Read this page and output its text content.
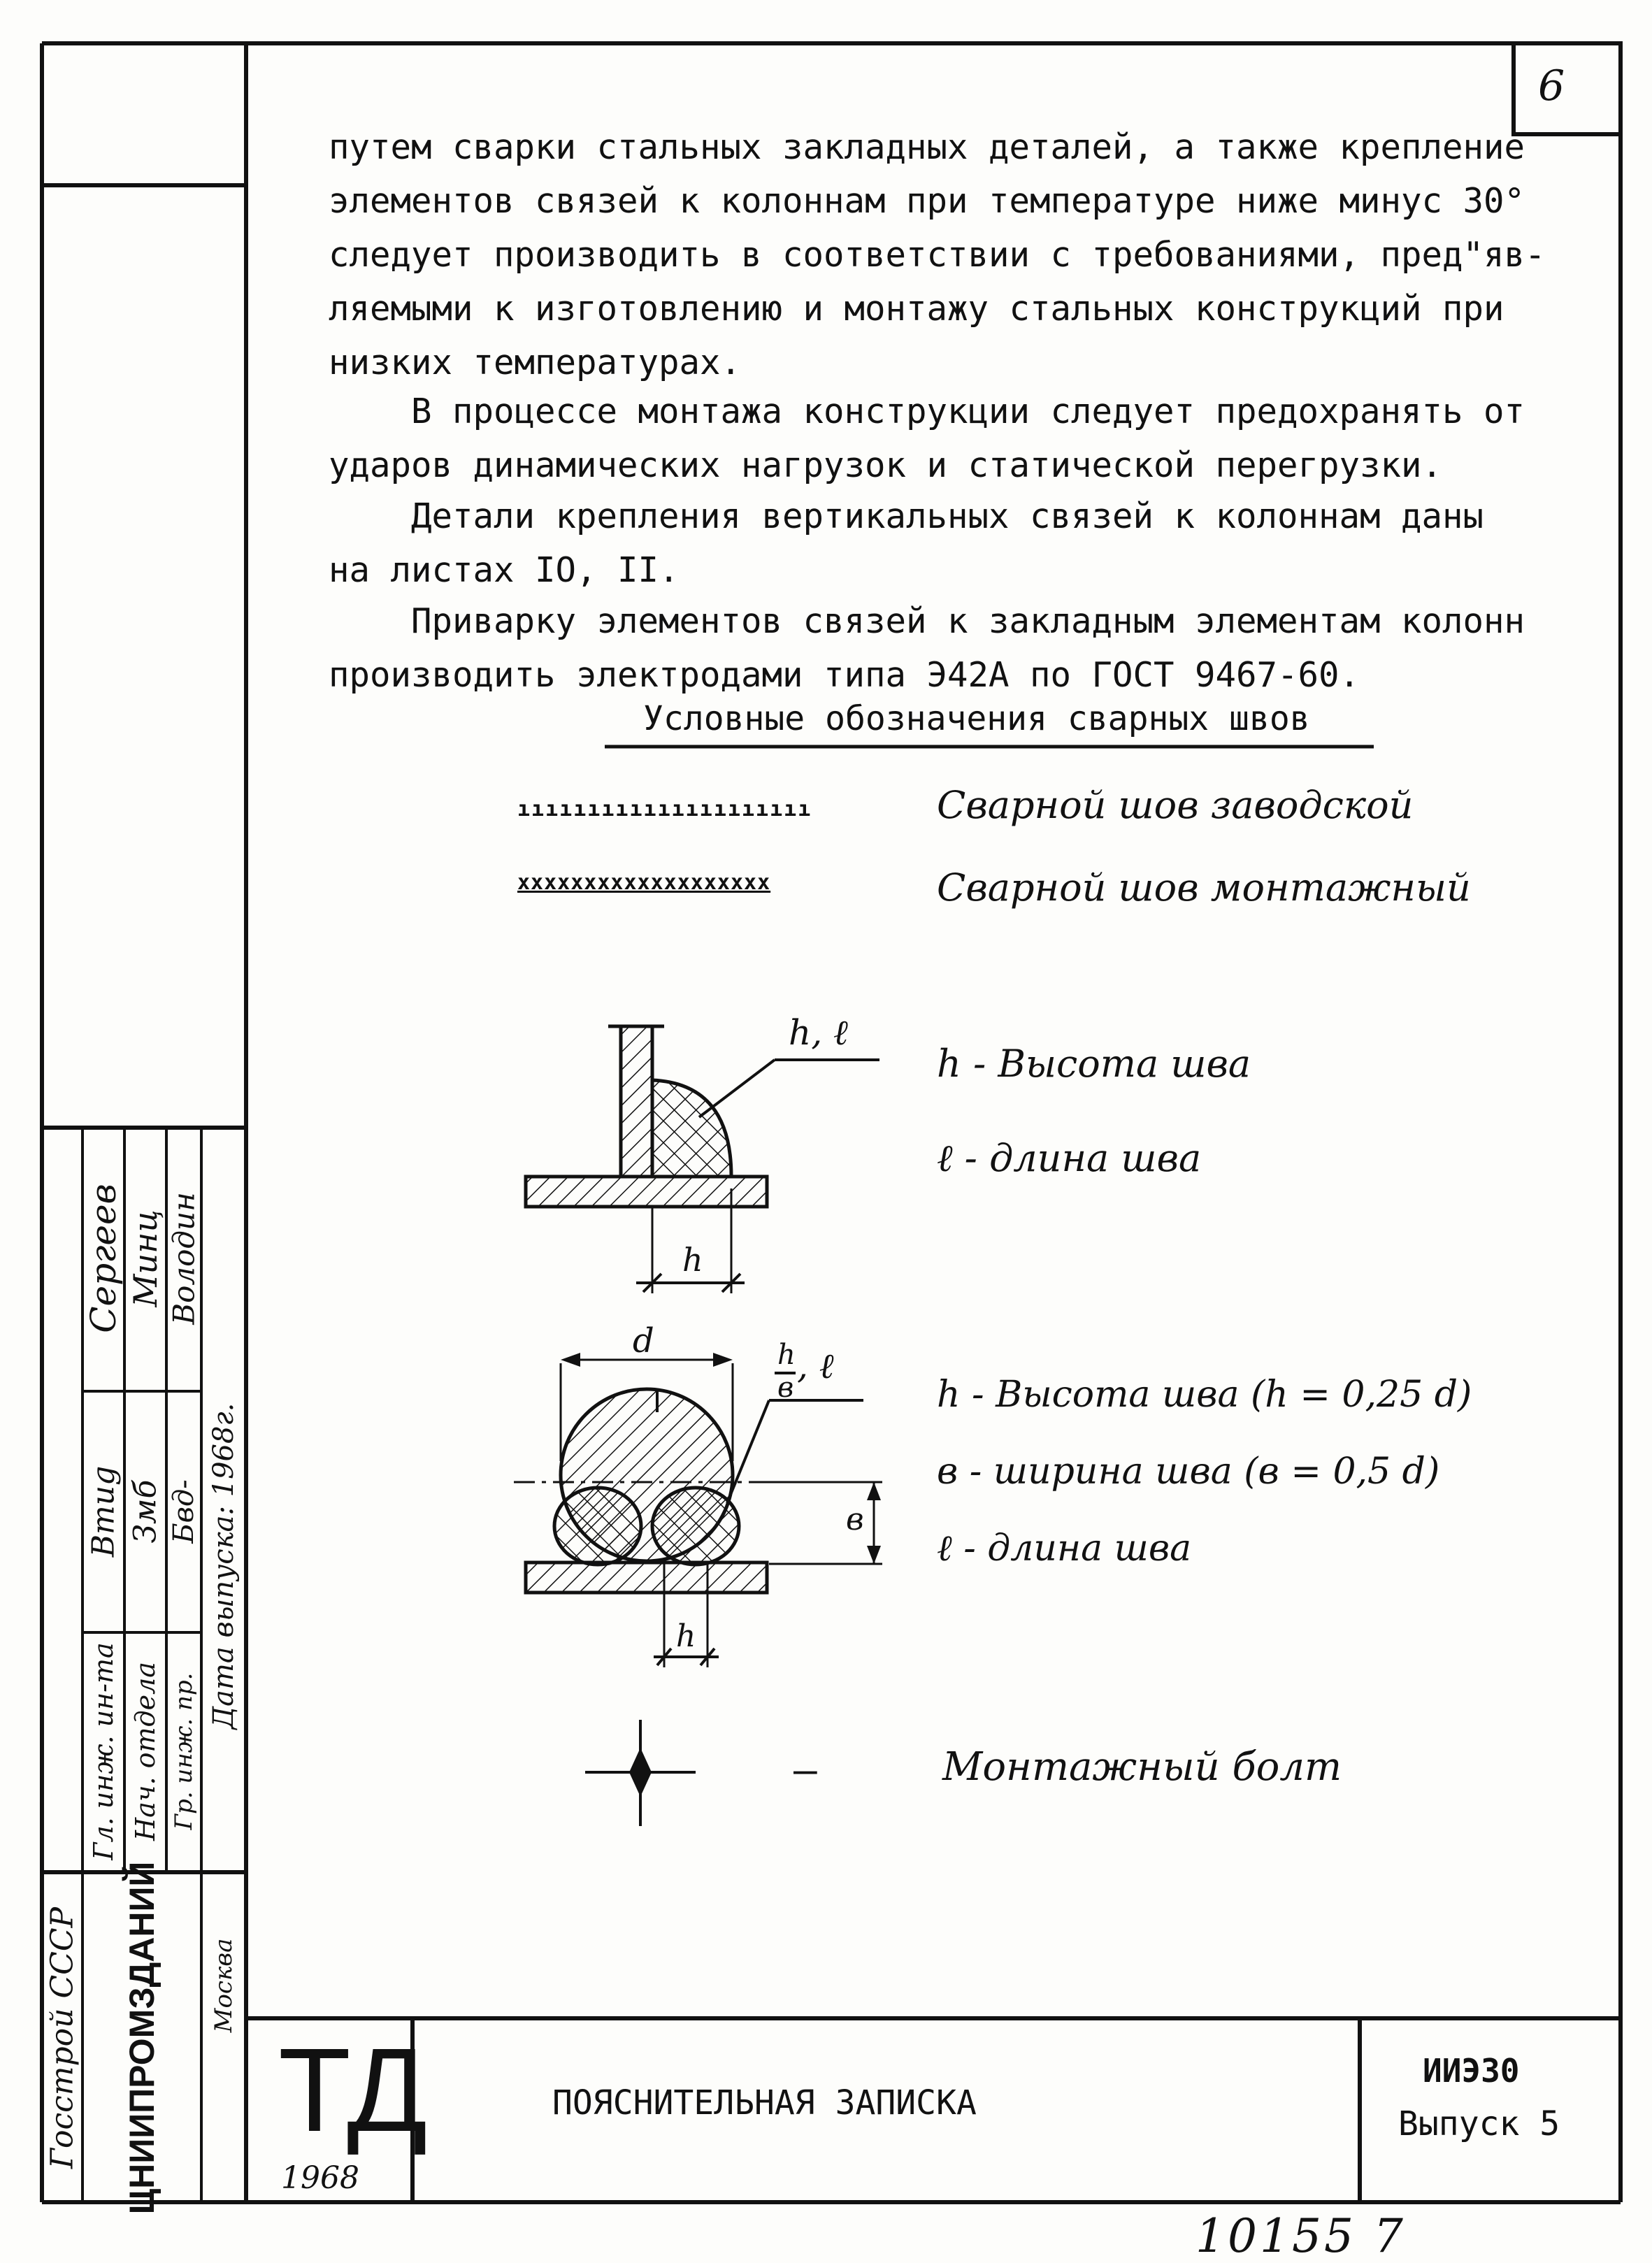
6
путем сварки стальных закладных деталей, а также крепление
элементов связей к колоннам при температуре ниже минус 30°
следует производить в соответствии с требованиями, пред"яв-
ляемыми к изготовлению и монтажу стальных конструкций при
низких температурах.
В процессе монтажа конструкции следует предохранять от
ударов динамических нагрузок и статической перегрузки.
Детали крепления вертикальных связей к колоннам даны
на листах IO, II.
Приварку элементов связей к закладным элементам колонн
производить электродами типа Э42А по ГОСТ 9467-60.
Условные обозначения сварных швов
ııııııııııııııııııııı
xxxxxxxxxxxxxxxxxxx
Сварной шов заводской
Сварной шов монтажный
h, ℓ
h
h - Высота шва
ℓ - длина шва
d	h
в
, ℓ
в
h
h - Высота шва (h = 0,25 d)
в - ширина шва (в = 0,5 d)
ℓ - длина шва
—	Монтажный болт
Госстрой СССР ЦНИИПРОМЗДАНИЙ Москва
Гл. инж. ин-та Нач. отдела Гр. инж. пр.
Bmug Змб Бвд-
Сергеев Минц Володин
Дата выпуска: 1968г.
ТД
1968
ПОЯСНИТЕЛЬНАЯ ЗАПИСКА
ИИЭ30
Выпуск 5
10155 7
